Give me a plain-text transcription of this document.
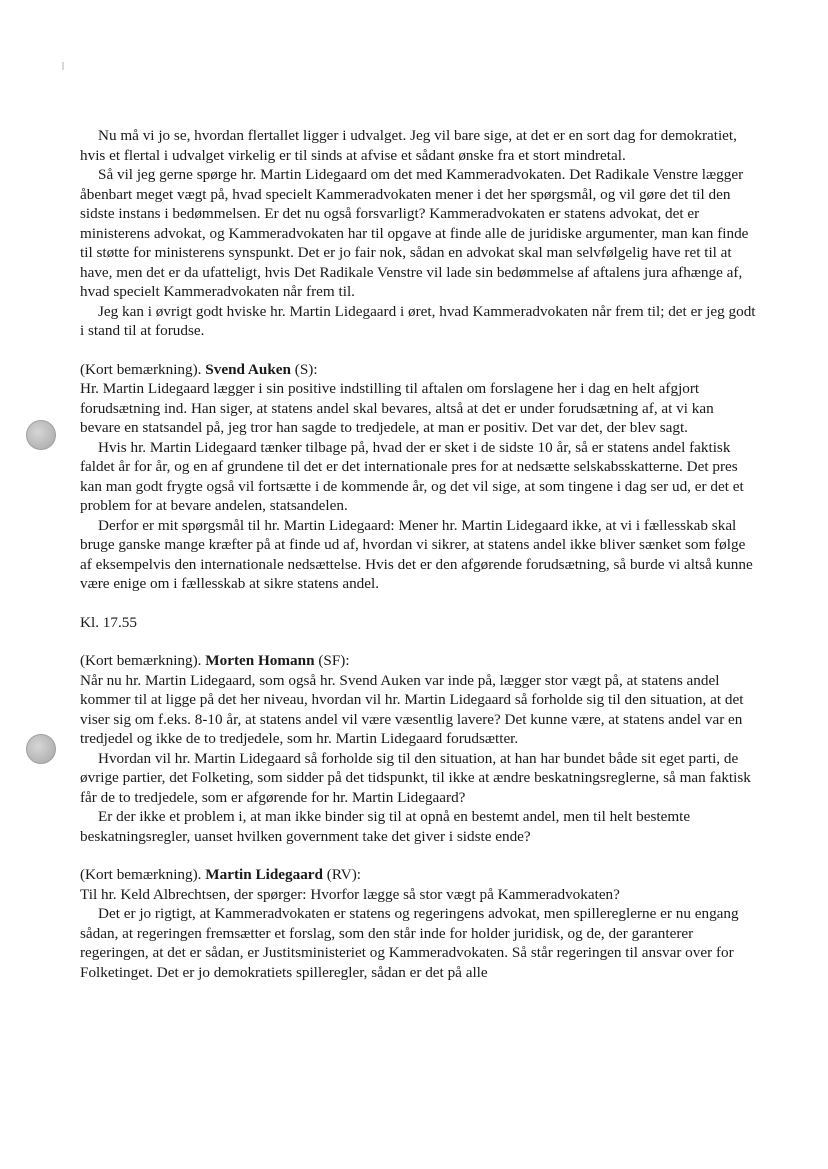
Nu må vi jo se, hvordan flertallet ligger i udvalget. Jeg vil bare sige, at det er en sort dag for demokratiet, hvis et flertal i udvalget virkelig er til sinds at afvise et sådant ønske fra et stort mindretal.

Så vil jeg gerne spørge hr. Martin Lidegaard om det med Kammeradvokaten. Det Radikale Venstre lægger åbenbart meget vægt på, hvad specielt Kammeradvokaten mener i det her spørgsmål, og vil gøre det til den sidste instans i bedømmelsen. Er det nu også forsvarligt? Kammeradvokaten er statens advokat, det er ministerens advokat, og Kammeradvokaten har til opgave at finde alle de juridiske argumenter, man kan finde til støtte for ministerens synspunkt. Det er jo fair nok, sådan en advokat skal man selvfølgelig have ret til at have, men det er da ufatteligt, hvis Det Radikale Venstre vil lade sin bedømmelse af aftalens jura afhænge af, hvad specielt Kammeradvokaten når frem til.

Jeg kan i øvrigt godt hviske hr. Martin Lidegaard i øret, hvad Kammeradvokaten når frem til; det er jeg godt i stand til at forudse.

(Kort bemærkning). Svend Auken (S):

Hr. Martin Lidegaard lægger i sin positive indstilling til aftalen om forslagene her i dag en helt afgjort forudsætning ind. Han siger, at statens andel skal bevares, altså at det er under forudsætning af, at vi kan bevare en statsandel på, jeg tror han sagde to tredjedele, at man er positiv. Det var det, der blev sagt.

Hvis hr. Martin Lidegaard tænker tilbage på, hvad der er sket i de sidste 10 år, så er statens andel faktisk faldet år for år, og en af grundene til det er det internationale pres for at nedsætte selskabsskatterne. Det pres kan man godt frygte også vil fortsætte i de kommende år, og det vil sige, at som tingene i dag ser ud, er det et problem for at bevare andelen, statsandelen.

Derfor er mit spørgsmål til hr. Martin Lidegaard: Mener hr. Martin Lidegaard ikke, at vi i fællesskab skal bruge ganske mange kræfter på at finde ud af, hvordan vi sikrer, at statens andel ikke bliver sænket som følge af eksempelvis den internationale nedsættelse. Hvis det er den afgørende forudsætning, så burde vi altså kunne være enige om i fællesskab at sikre statens andel.

Kl. 17.55

(Kort bemærkning). Morten Homann (SF):

Når nu hr. Martin Lidegaard, som også hr. Svend Auken var inde på, lægger stor vægt på, at statens andel kommer til at ligge på det her niveau, hvordan vil hr. Martin Lidegaard så forholde sig til den situation, at det viser sig om f.eks. 8-10 år, at statens andel vil være væsentlig lavere? Det kunne være, at statens andel var en tredjedel og ikke de to tredjedele, som hr. Martin Lidegaard forudsætter.

Hvordan vil hr. Martin Lidegaard så forholde sig til den situation, at han har bundet både sit eget parti, de øvrige partier, det Folketing, som sidder på det tidspunkt, til ikke at ændre beskatningsreglerne, så man faktisk får de to tredjedele, som er afgørende for hr. Martin Lidegaard?

Er der ikke et problem i, at man ikke binder sig til at opnå en bestemt andel, men til helt bestemte beskatningsregler, uanset hvilken government take det giver i sidste ende?

(Kort bemærkning). Martin Lidegaard (RV):

Til hr. Keld Albrechtsen, der spørger: Hvorfor lægge så stor vægt på Kammeradvokaten?

Det er jo rigtigt, at Kammeradvokaten er statens og regeringens advokat, men spillereglerne er nu engang sådan, at regeringen fremsætter et forslag, som den står inde for holder juridisk, og de, der garanterer regeringen, at det er sådan, er Justitsministeriet og Kammeradvokaten. Så står regeringen til ansvar over for Folketinget. Det er jo demokratiets spilleregler, sådan er det på alle
